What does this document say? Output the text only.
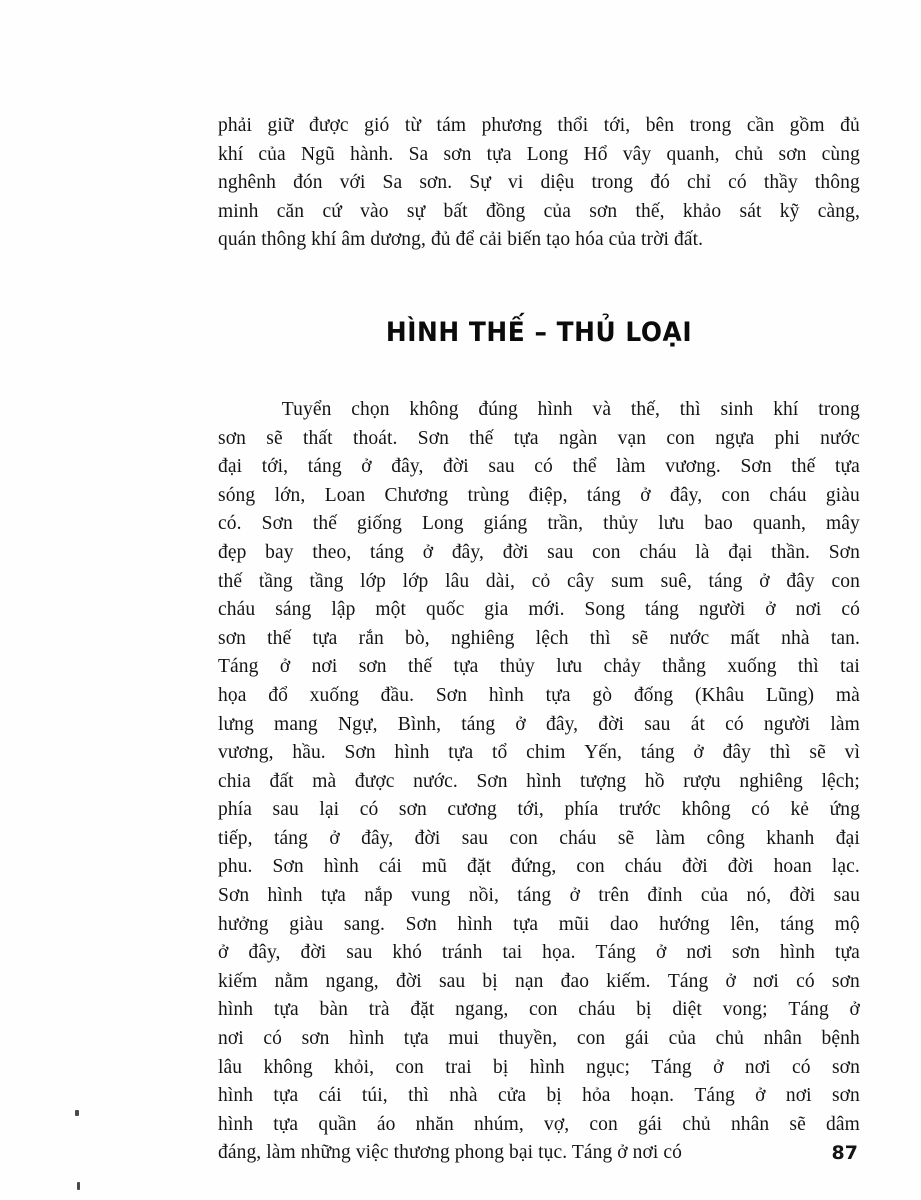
phải giữ được gió từ tám phương thổi tới, bên trong cần gồm đủ
khí của Ngũ hành. Sa sơn tựa Long Hổ vây quanh, chủ sơn cùng
nghênh đón với Sa sơn. Sự vi diệu trong đó chỉ có thầy thông
minh căn cứ vào sự bất đồng của sơn thế, khảo sát kỹ càng,
quán thông khí âm dương, đủ để cải biến tạo hóa của trời đất.
HÌNH THẾ – THỦ LOẠI
Tuyển chọn không đúng hình và thế, thì sinh khí trong
sơn sẽ thất thoát. Sơn thế tựa ngàn vạn con ngựa phi nước
đại tới, táng ở đây, đời sau có thể làm vương. Sơn thế tựa
sóng lớn, Loan Chương trùng điệp, táng ở đây, con cháu giàu
có. Sơn thế giống Long giáng trần, thủy lưu bao quanh, mây
đẹp bay theo, táng ở đây, đời sau con cháu là đại thần. Sơn
thế tầng tầng lớp lớp lâu dài, cỏ cây sum suê, táng ở đây con
cháu sáng lập một quốc gia mới. Song táng người ở nơi có
sơn thế tựa rắn bò, nghiêng lệch thì sẽ nước mất nhà tan.
Táng ở nơi sơn thế tựa thủy lưu chảy thẳng xuống thì tai
họa đổ xuống đầu. Sơn hình tựa gò đống (Khâu Lũng) mà
lưng mang Ngự, Bình, táng ở đây, đời sau át có người làm
vương, hầu. Sơn hình tựa tổ chim Yến, táng ở đây thì sẽ vì
chia đất mà được nước. Sơn hình tượng hồ rượu nghiêng lệch;
phía sau lại có sơn cương tới, phía trước không có kẻ ứng
tiếp, táng ở đây, đời sau con cháu sẽ làm công khanh đại
phu. Sơn hình cái mũ đặt đứng, con cháu đời đời hoan lạc.
Sơn hình tựa nắp vung nồi, táng ở trên đỉnh của nó, đời sau
hưởng giàu sang. Sơn hình tựa mũi dao hướng lên, táng mộ
ở đây, đời sau khó tránh tai họa. Táng ở nơi sơn hình tựa
kiếm nằm ngang, đời sau bị nạn đao kiếm. Táng ở nơi có sơn
hình tựa bàn trà đặt ngang, con cháu bị diệt vong; Táng ở
nơi có sơn hình tựa mui thuyền, con gái của chủ nhân bệnh
lâu không khỏi, con trai bị hình ngục; Táng ở nơi có sơn
hình tựa cái túi, thì nhà cửa bị hỏa hoạn. Táng ở nơi sơn
hình tựa quần áo nhăn nhúm, vợ, con gái chủ nhân sẽ dâm
đáng, làm những việc thương phong bại tục. Táng ở nơi có	87
